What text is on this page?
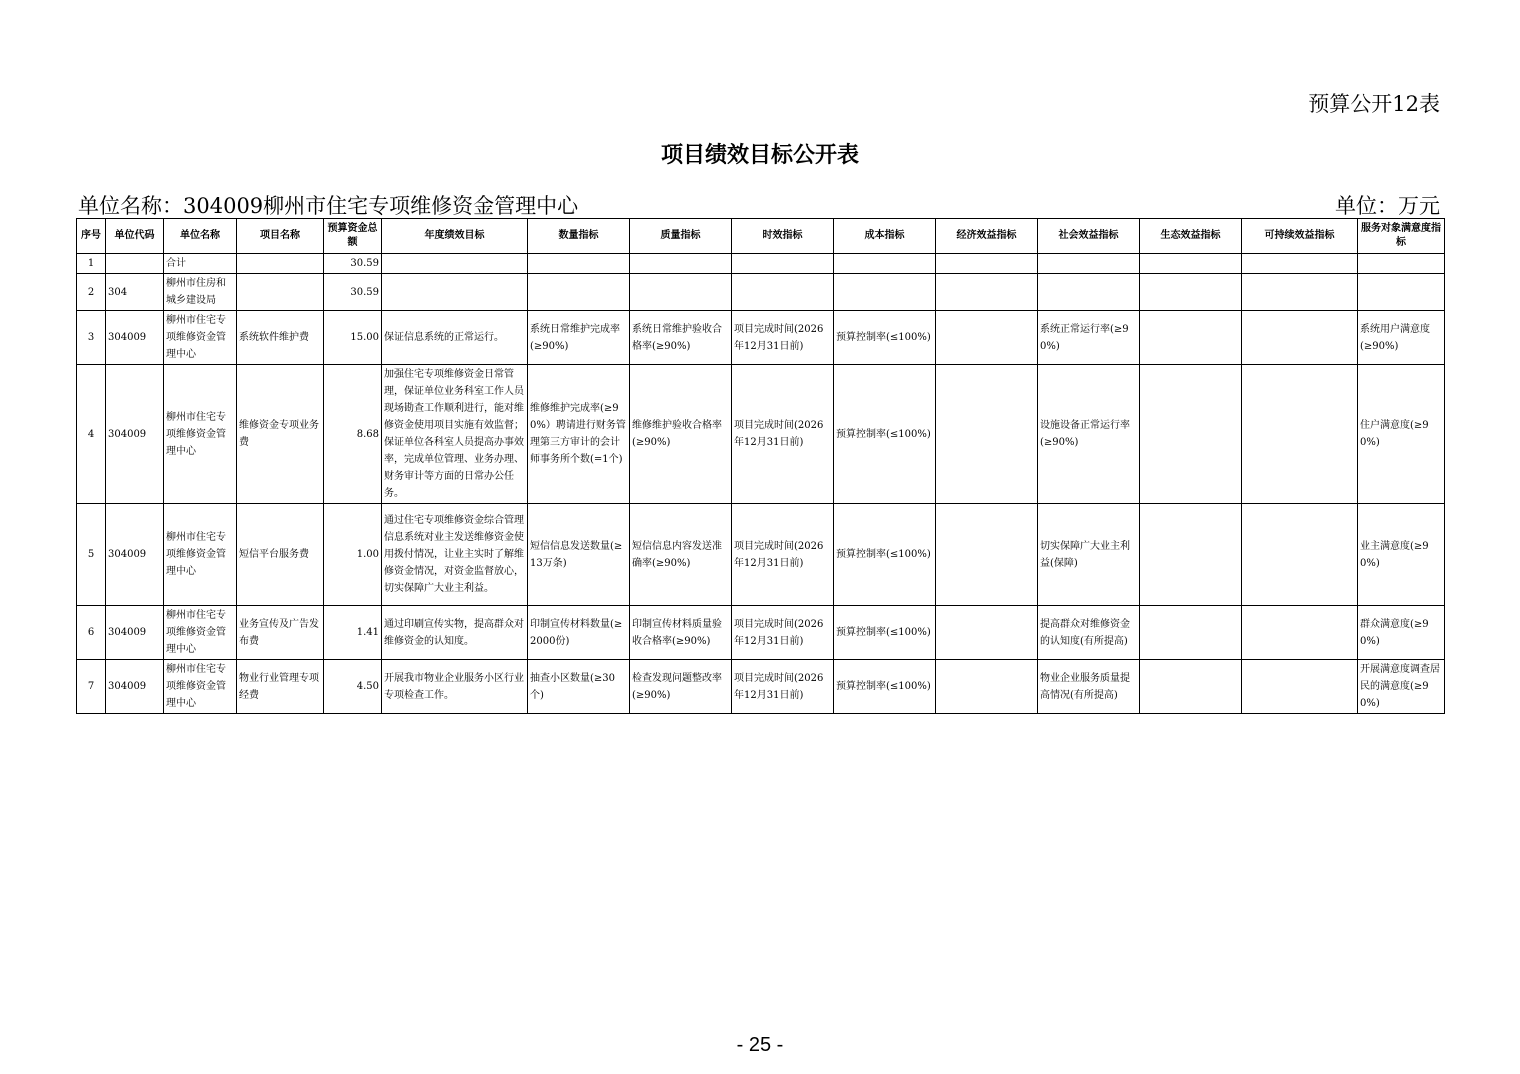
预算公开12表
项目绩效目标公开表
单位名称：304009柳州市住宅专项维修资金管理中心	单位：万元
序号	单位代码	单位名称	项目名称	预算资金总额	年度绩效目标	数量指标	质量指标	时效指标	成本指标	经济效益指标	社会效益指标	生态效益指标	可持续效益指标	服务对象满意度指标
1		合计		30.59										
2	304	柳州市住房和城乡建设局		30.59										
3	304009	柳州市住宅专项维修资金管理中心	系统软件维护费	15.00	保证信息系统的正常运行。	系统日常维护完成率(≥90%)	系统日常维护验收合格率(≥90%)	项目完成时间(2026年12月31日前)	预算控制率(≤100%)		系统正常运行率(≥90%)			系统用户满意度(≥90%)
4	304009	柳州市住宅专项维修资金管理中心	维修资金专项业务费	8.68	加强住宅专项维修资金日常管理，保证单位业务科室工作人员现场勘查工作顺利进行，能对维修资金使用项目实施有效监督；保证单位各科室人员提高办事效率，完成单位管理、业务办理、财务审计等方面的日常办公任务。	维修维护完成率(≥90%）聘请进行财务管理第三方审计的会计师事务所个数(=1个)	维修维护验收合格率(≥90%)	项目完成时间(2026年12月31日前)	预算控制率(≤100%)		设施设备正常运行率(≥90%)			住户满意度(≥90%)
5	304009	柳州市住宅专项维修资金管理中心	短信平台服务费	1.00	通过住宅专项维修资金综合管理信息系统对业主发送维修资金使用拨付情况，让业主实时了解维修资金情况，对资金监督放心，切实保障广大业主利益。	短信信息发送数量(≥13万条)	短信信息内容发送准确率(≥90%)	项目完成时间(2026年12月31日前)	预算控制率(≤100%)		切实保障广大业主利益(保障)			业主满意度(≥90%)
6	304009	柳州市住宅专项维修资金管理中心	业务宣传及广告发布费	1.41	通过印刷宣传实物，提高群众对维修资金的认知度。	印制宣传材料数量(≥2000份)	印制宣传材料质量验收合格率(≥90%)	项目完成时间(2026年12月31日前)	预算控制率(≤100%)		提高群众对维修资金的认知度(有所提高)			群众满意度(≥90%)
7	304009	柳州市住宅专项维修资金管理中心	物业行业管理专项经费	4.50	开展我市物业企业服务小区行业专项检查工作。	抽查小区数量(≥30个)	检查发现问题整改率(≥90%)	项目完成时间(2026年12月31日前)	预算控制率(≤100%)		物业企业服务质量提高情况(有所提高)			开展满意度调查居民的满意度(≥90%)
- 25 -
